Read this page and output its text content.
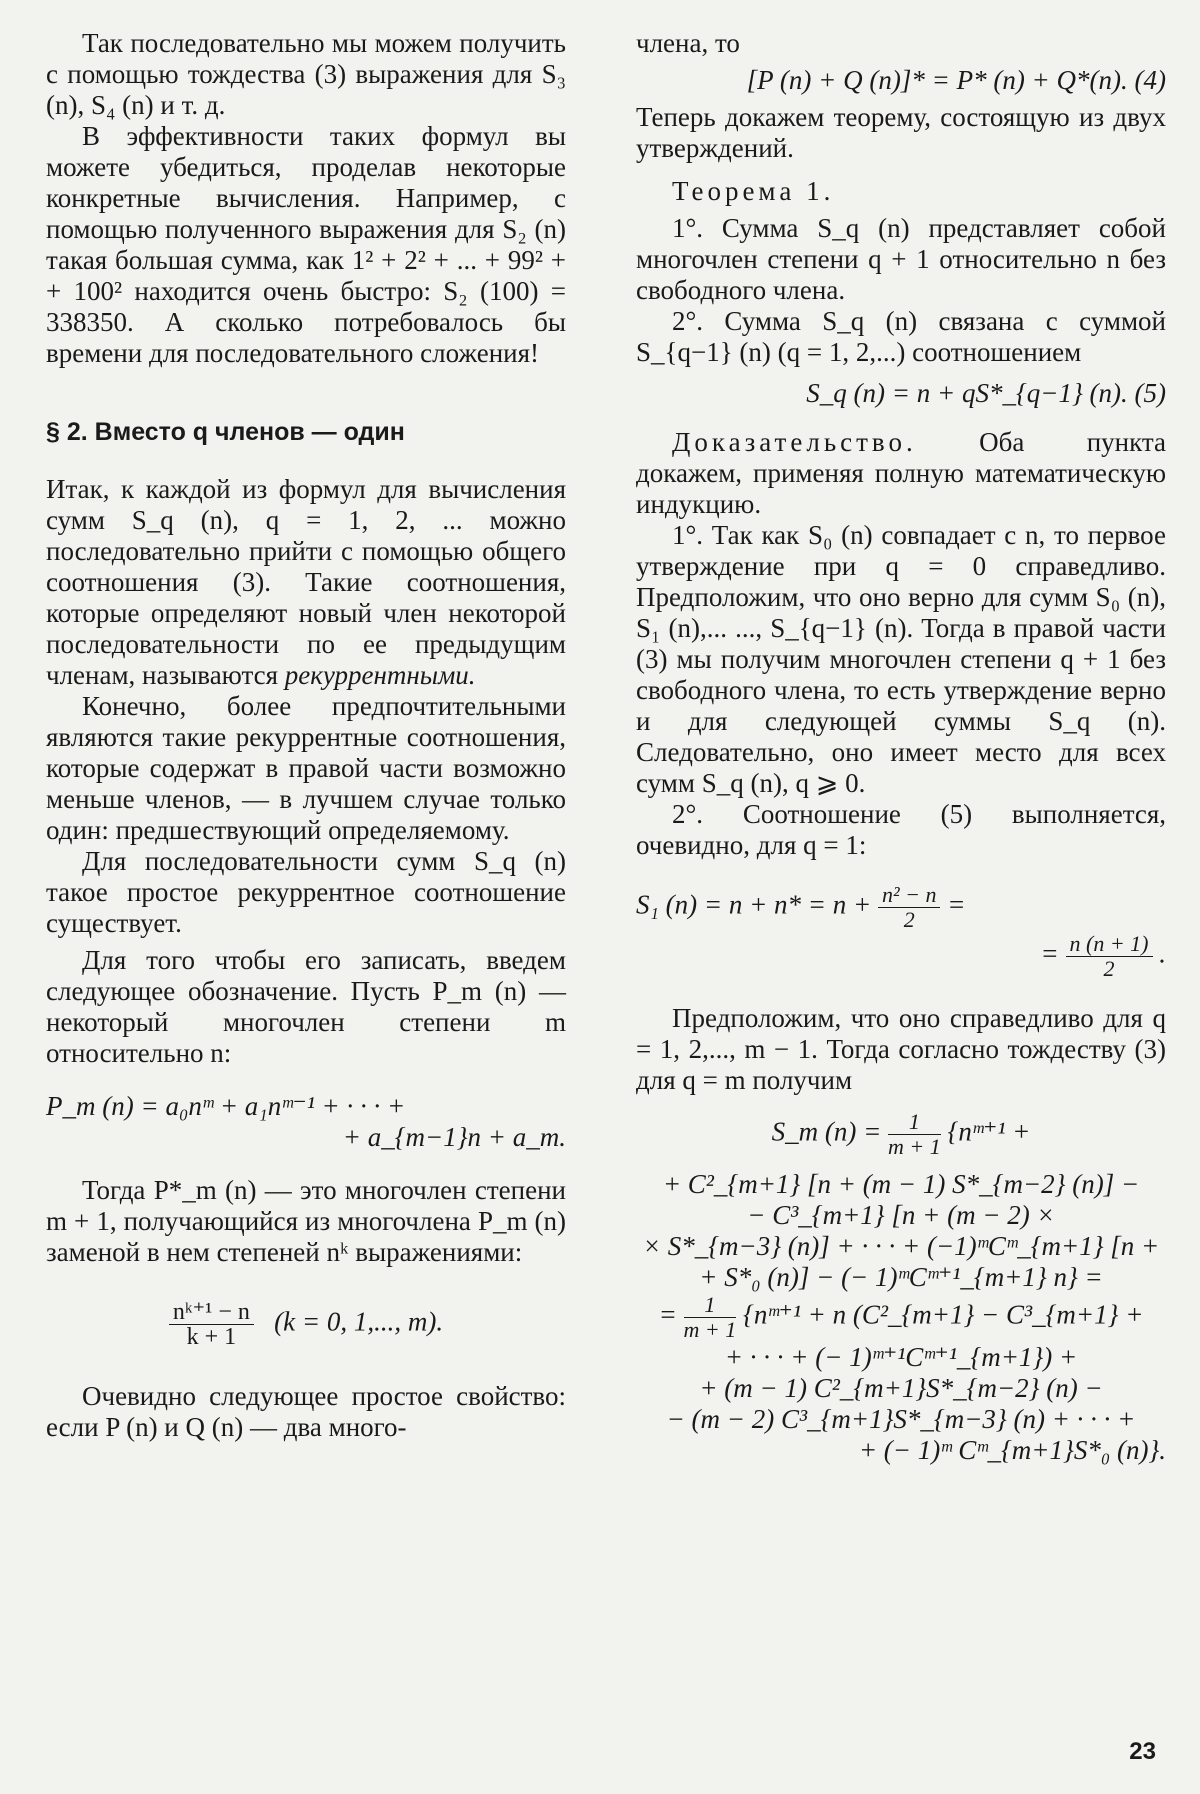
Так последовательно мы можем получить с помощью тождества (3) выражения для S₃ (n), S₄ (n) и т. д.

В эффективности таких формул вы можете убедиться, проделав некоторые конкретные вычисления. Например, с помощью полученного выражения для S₂ (n) такая большая сумма, как 1² + 2² + ... + 99² + + 100² находится очень быстро: S₂ (100) = 338350. А сколько потребовалось бы времени для последовательного сложения!

§ 2. Вместо q членов — один

Итак, к каждой из формул для вычисления сумм S_q (n), q = 1, 2, ... можно последовательно прийти с помощью общего соотношения (3). Такие соотношения, которые определяют новый член некоторой последовательности по ее предыдущим членам, называются рекуррентными.

Конечно, более предпочтительными являются такие рекуррентные соотношения, которые содержат в правой части возможно меньше членов, — в лучшем случае только один: предшествующий определяемому.

Для последовательности сумм S_q (n) такое простое рекуррентное соотношение существует.

Для того чтобы его записать, введем следующее обозначение. Пусть P_m (n) — некоторый многочлен степени m относительно n:

P_m (n) = a₀nᵐ + a₁nᵐ⁻¹ + · · · +

+ a_{m−1}n + a_m.

Тогда P*_m (n) — это многочлен степени m + 1, получающийся из многочлена P_m (n) заменой в нем степеней nᵏ выражениями:

$\frac{\text{nᵏ⁺¹ − n}}{k + 1} (k = 0$, 1,..., m).

Очевидно следующее простое свойство: если P (n) и Q (n) — два много-

члена, то

[P (n) + Q (n)]* = P* (n) + Q*(n). (4)

Теперь докажем теорему, состоящую из двух утверждений.

Теорема 1.

1°. Сумма S_q (n) представляет собой многочлен степени q + 1 относительно n без свободного члена.

2°. Сумма S_q (n) связана с суммой S_{q−1} (n) (q = 1, 2,...) соотношением

S_q (n) = n + qS*_{q−1} (n). (5)

Доказательство. Оба пункта докажем, применяя полную математическую индукцию.

1°. Так как S₀ (n) совпадает с n, то первое утверждение при q = 0 справедливо. Предположим, что оно верно для сумм S₀ (n), S₁ (n),... ..., S_{q−1} (n). Тогда в правой части (3) мы получим многочлен степени q + 1 без свободного члена, то есть утверждение верно и для следующей суммы S_q (n). Следовательно, оно имеет место для всех сумм S_q (n), q ⩾ 0.

2°. Соотношение (5) выполняется, очевидно, для q = 1:

S₁ $(n) = n + n* = n + \frac{\text{n² − n}}{2}$ =
= $\frac{n (n + 1)}{2}$ .

Предположим, что оно справедливо для q = 1, 2,..., m − 1. Тогда согласно тождеству (3) для q = m получим

S_m $(n) = \frac{1}{m + 1}$ {nᵐ⁺¹ +

+ C²_{m+1} [n + (m − 1) S*_{m−2} (n)] −

− C³_{m+1} [n + (m − 2) ×

× S*_{m−3} (n)] + · · · + (−1)ᵐCᵐ_{m+1} [n +

+ S*₀ (n)] − (− 1)ᵐCᵐ⁺¹_{m+1} n} =

= $\frac{1}{m + 1}$ {nᵐ⁺¹ + n (C²_{m+1} − C³_{m+1} +

+ · · · + (− 1)ᵐ⁺¹Cᵐ⁺¹_{m+1}) +

+ (m − 1) C²_{m+1}S*_{m−2} (n) −

− (m − 2) C³_{m+1}S*_{m−3} (n) + · · · +

+ (− 1)ᵐ Cᵐ_{m+1}S*₀ (n)}.

23
